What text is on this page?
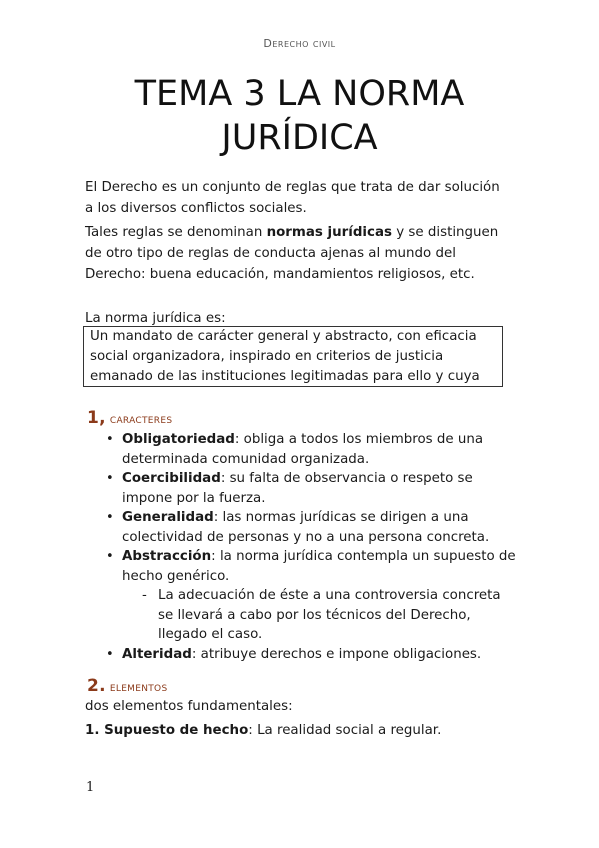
Derecho civil
TEMA 3 LA NORMA
JURÍDICA

El Derecho es un conjunto de reglas que trata de dar solución a los diversos conflictos sociales.

Tales reglas se denominan normas jurídicas y se distinguen de otro tipo de reglas de conducta ajenas al mundo del Derecho: buena educación, mandamientos religiosos, etc.

La norma jurídica es:

Un mandato de carácter general y abstracto, con eficacia social organizadora, inspirado en criterios de justicia emanado de las instituciones legitimadas para ello y cuya
1, caracteres
• Obligatoriedad: obliga a todos los miembros de una determinada comunidad organizada.
• Coercibilidad: su falta de observancia o respeto se impone por la fuerza.
• Generalidad: las normas jurídicas se dirigen a una colectividad de personas y no a una persona concreta.
• Abstracción: la norma jurídica contempla un supuesto de hecho genérico.
- La adecuación de éste a una controversia concreta se llevará a cabo por los técnicos del Derecho, llegado el caso.
• Alteridad: atribuye derechos e impone obligaciones.
2. elementos

dos elementos fundamentales:

1. Supuesto de hecho: La realidad social a regular.

1
